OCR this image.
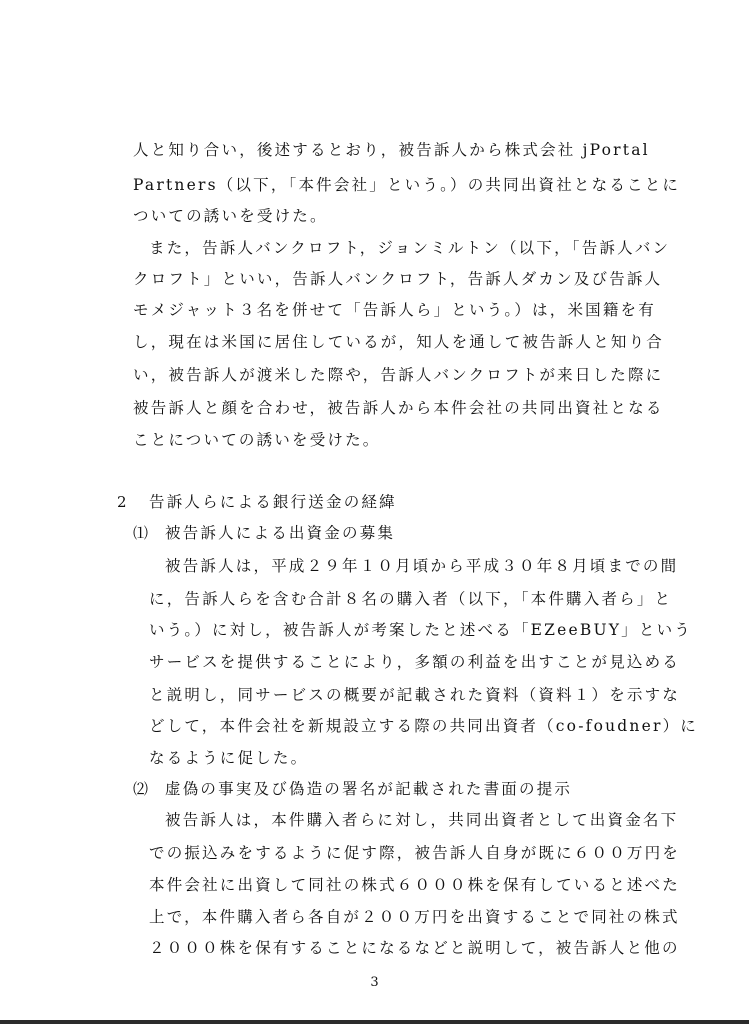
人と知り合い，後述するとおり，被告訴人から株式会社 jPortal
Partners（以下，「本件会社」という。）の共同出資社となることに
ついての誘いを受けた。
また，告訴人バンクロフト，ジョンミルトン（以下，「告訴人バン
クロフト」といい，告訴人バンクロフト，告訴人ダカン及び告訴人
モメジャット３名を併せて「告訴人ら」という。）は，米国籍を有
し，現在は米国に居住しているが，知人を通して被告訴人と知り合
い，被告訴人が渡米した際や，告訴人バンクロフトが来日した際に
被告訴人と顔を合わせ，被告訴人から本件会社の共同出資社となる
ことについての誘いを受けた。
2 告訴人らによる銀行送金の経緯
⑴ 被告訴人による出資金の募集
被告訴人は，平成２９年１０月頃から平成３０年８月頃までの間
に，告訴人らを含む合計８名の購入者（以下，「本件購入者ら」と
いう。）に対し，被告訴人が考案したと述べる「EZeeBUY」という
サービスを提供することにより，多額の利益を出すことが見込める
と説明し，同サービスの概要が記載された資料（資料１）を示すな
どして，本件会社を新規設立する際の共同出資者（co-foudner）に
なるように促した。
⑵ 虚偽の事実及び偽造の署名が記載された書面の提示
被告訴人は，本件購入者らに対し，共同出資者として出資金名下
での振込みをするように促す際，被告訴人自身が既に６００万円を
本件会社に出資して同社の株式６０００株を保有していると述べた
上で，本件購入者ら各自が２００万円を出資することで同社の株式
２０００株を保有することになるなどと説明して，被告訴人と他の
3
